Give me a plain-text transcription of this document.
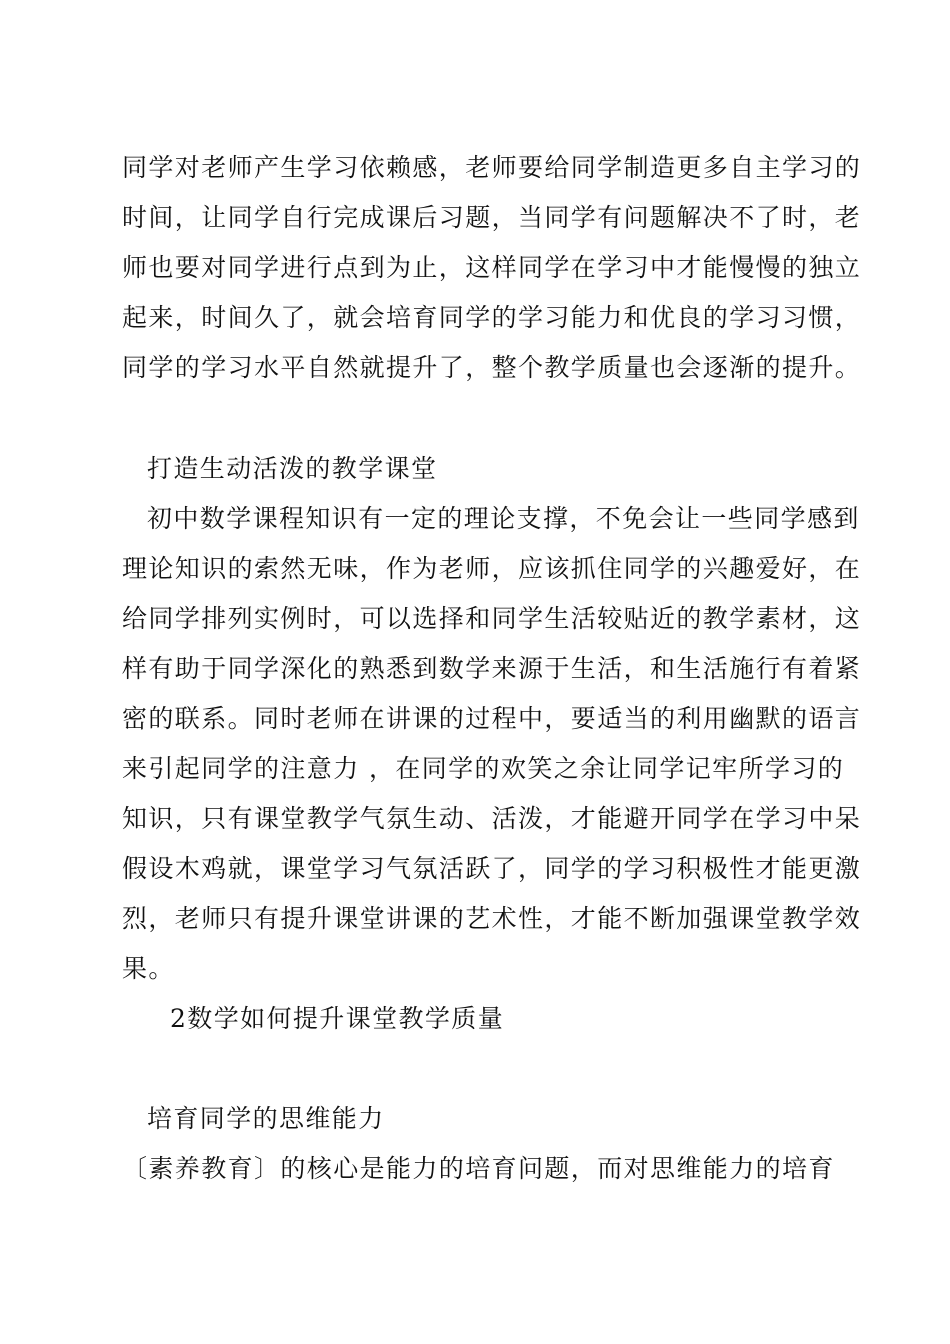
同学对老师产生学习依赖感，老师要给同学制造更多自主学习的
时间，让同学自行完成课后习题，当同学有问题解决不了时，老
师也要对同学进行点到为止，这样同学在学习中才能慢慢的独立
起来，时间久了，就会培育同学的学习能力和优良的学习习惯，
同学的学习水平自然就提升了，整个教学质量也会逐渐的提升。
打造生动活泼的教学课堂
初中数学课程知识有一定的理论支撑，不免会让一些同学感到
理论知识的索然无味，作为老师，应该抓住同学的兴趣爱好，在
给同学排列实例时，可以选择和同学生活较贴近的教学素材，这
样有助于同学深化的熟悉到数学来源于生活，和生活施行有着紧
密的联系。同时老师在讲课的过程中，要适当的利用幽默的语言
来引起同学的注意力 ，在同学的欢笑之余让同学记牢所学习的
知识，只有课堂教学气氛生动、活泼，才能避开同学在学习中呆
假设木鸡就，课堂学习气氛活跃了，同学的学习积极性才能更激
烈，老师只有提升课堂讲课的艺术性，才能不断加强课堂教学效
果。
2数学如何提升课堂教学质量
培育同学的思维能力
〔素养教育〕的核心是能力的培育问题，而对思维能力的培育
